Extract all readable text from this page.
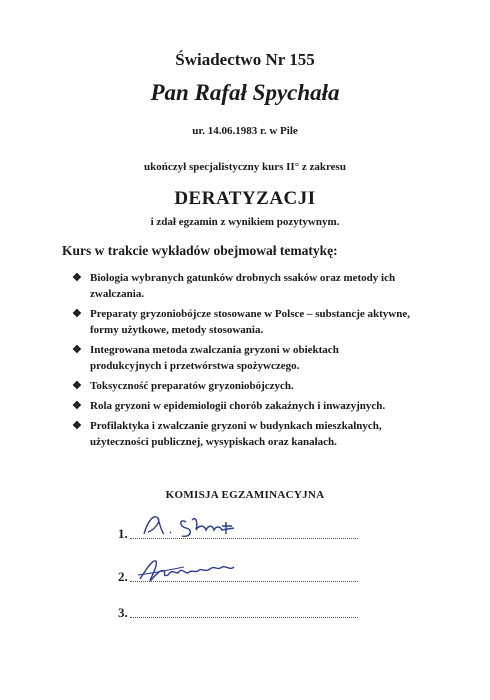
Świadectwo Nr 155
Pan Rafał Spychała
ur. 14.06.1983 r. w Pile
ukończył specjalistyczny kurs II° z zakresu
DERATYZACJI
i zdał egzamin z wynikiem pozytywnym.
Kurs w trakcie wykładów obejmował tematykę:
❖ Biologia wybranych gatunków drobnych ssaków oraz metody ich zwalczania.
❖ Preparaty gryzoniobójcze stosowane w Polsce – substancje aktywne, formy użytkowe, metody stosowania.
❖ Integrowana metoda zwalczania gryzoni w obiektach produkcyjnych i przetwórstwa spożywczego.
❖ Toksyczność preparatów gryzoniobójczych.
❖ Rola gryzoni w epidemiologii chorób zakaźnych i inwazyjnych.
❖ Profilaktyka i zwalczanie gryzoni w budynkach mieszkalnych, użyteczności publicznej, wysypiskach oraz kanałach.
KOMISJA EGZAMINACYJNA
1.
2.
3.
